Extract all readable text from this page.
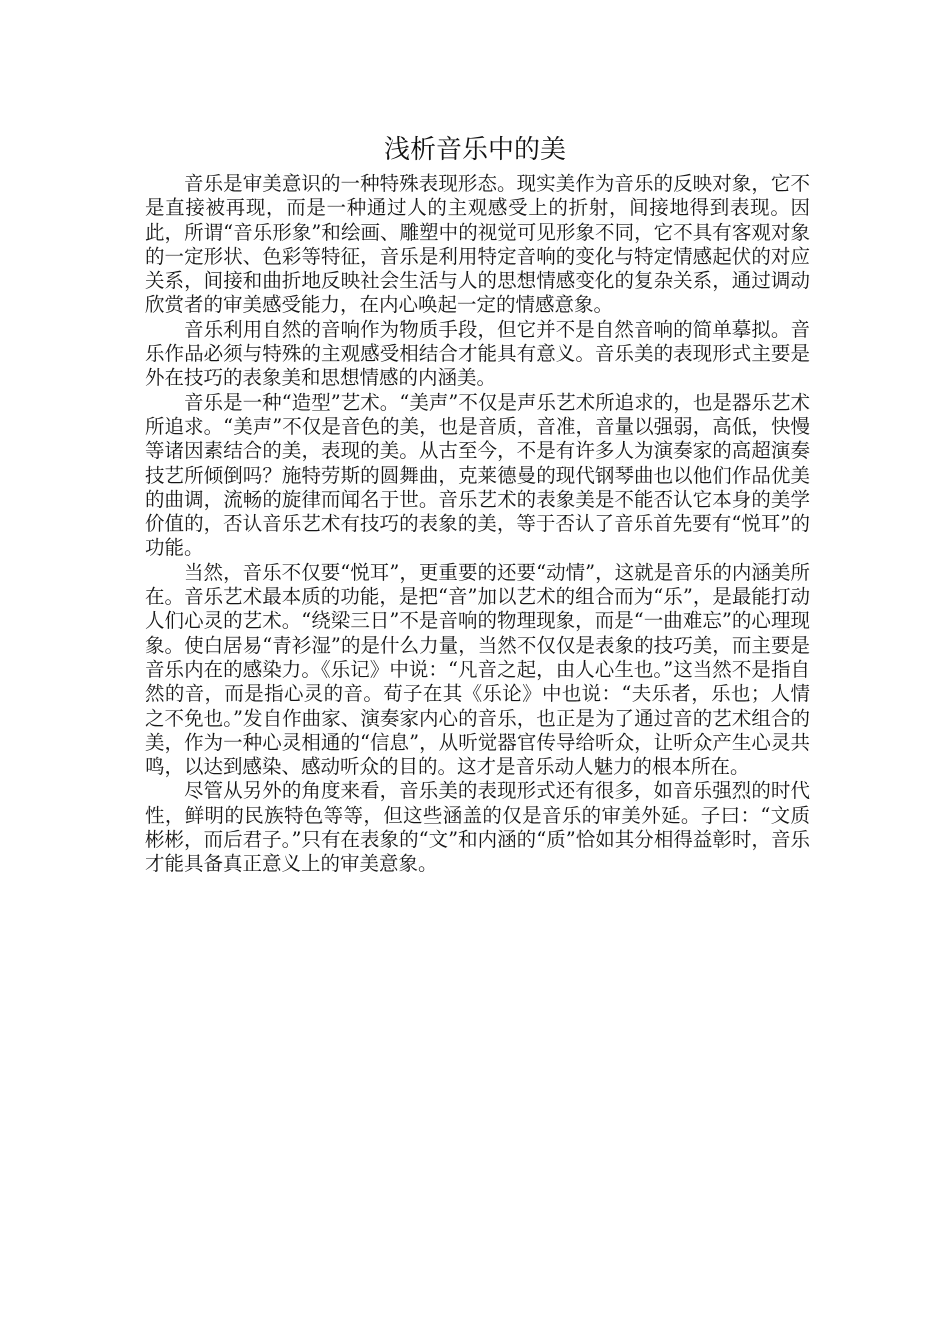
浅析音乐中的美

音乐是审美意识的一种特殊表现形态。现实美作为音乐的反映对象，它不是直接被再现，而是一种通过人的主观感受上的折射，间接地得到表现。因此，所谓“音乐形象”和绘画、雕塑中的视觉可见形象不同，它不具有客观对象的一定形状、色彩等特征，音乐是利用特定音响的变化与特定情感起伏的对应关系，间接和曲折地反映社会生活与人的思想情感变化的复杂关系，通过调动欣赏者的审美感受能力，在内心唤起一定的情感意象。

音乐利用自然的音响作为物质手段，但它并不是自然音响的简单摹拟。音乐作品必须与特殊的主观感受相结合才能具有意义。音乐美的表现形式主要是外在技巧的表象美和思想情感的内涵美。

音乐是一种“造型”艺术。“美声”不仅是声乐艺术所追求的，也是器乐艺术所追求。“美声”不仅是音色的美，也是音质，音准，音量以强弱，高低，快慢等诸因素结合的美，表现的美。从古至今，不是有许多人为演奏家的高超演奏技艺所倾倒吗？施特劳斯的圆舞曲，克莱德曼的现代钢琴曲也以他们作品优美的曲调，流畅的旋律而闻名于世。音乐艺术的表象美是不能否认它本身的美学价值的，否认音乐艺术有技巧的表象的美，等于否认了音乐首先要有“悦耳”的功能。

当然，音乐不仅要“悦耳”，更重要的还要“动情”，这就是音乐的内涵美所在。音乐艺术最本质的功能，是把“音”加以艺术的组合而为“乐”，是最能打动人们心灵的艺术。“绕梁三日”不是音响的物理现象，而是“一曲难忘”的心理现象。使白居易“青衫湿”的是什么力量，当然不仅仅是表象的技巧美，而主要是音乐内在的感染力。《乐记》中说：“凡音之起，由人心生也。”这当然不是指自然的音，而是指心灵的音。荀子在其《乐论》中也说：“夫乐者，乐也；人情之不免也。”发自作曲家、演奏家内心的音乐，也正是为了通过音的艺术组合的美，作为一种心灵相通的“信息”，从听觉器官传导给听众，让听众产生心灵共鸣，以达到感染、感动听众的目的。这才是音乐动人魅力的根本所在。

尽管从另外的角度来看，音乐美的表现形式还有很多，如音乐强烈的时代性，鲜明的民族特色等等，但这些涵盖的仅是音乐的审美外延。子曰：“文质彬彬，而后君子。”只有在表象的“文”和内涵的“质”恰如其分相得益彰时，音乐才能具备真正意义上的审美意象。
